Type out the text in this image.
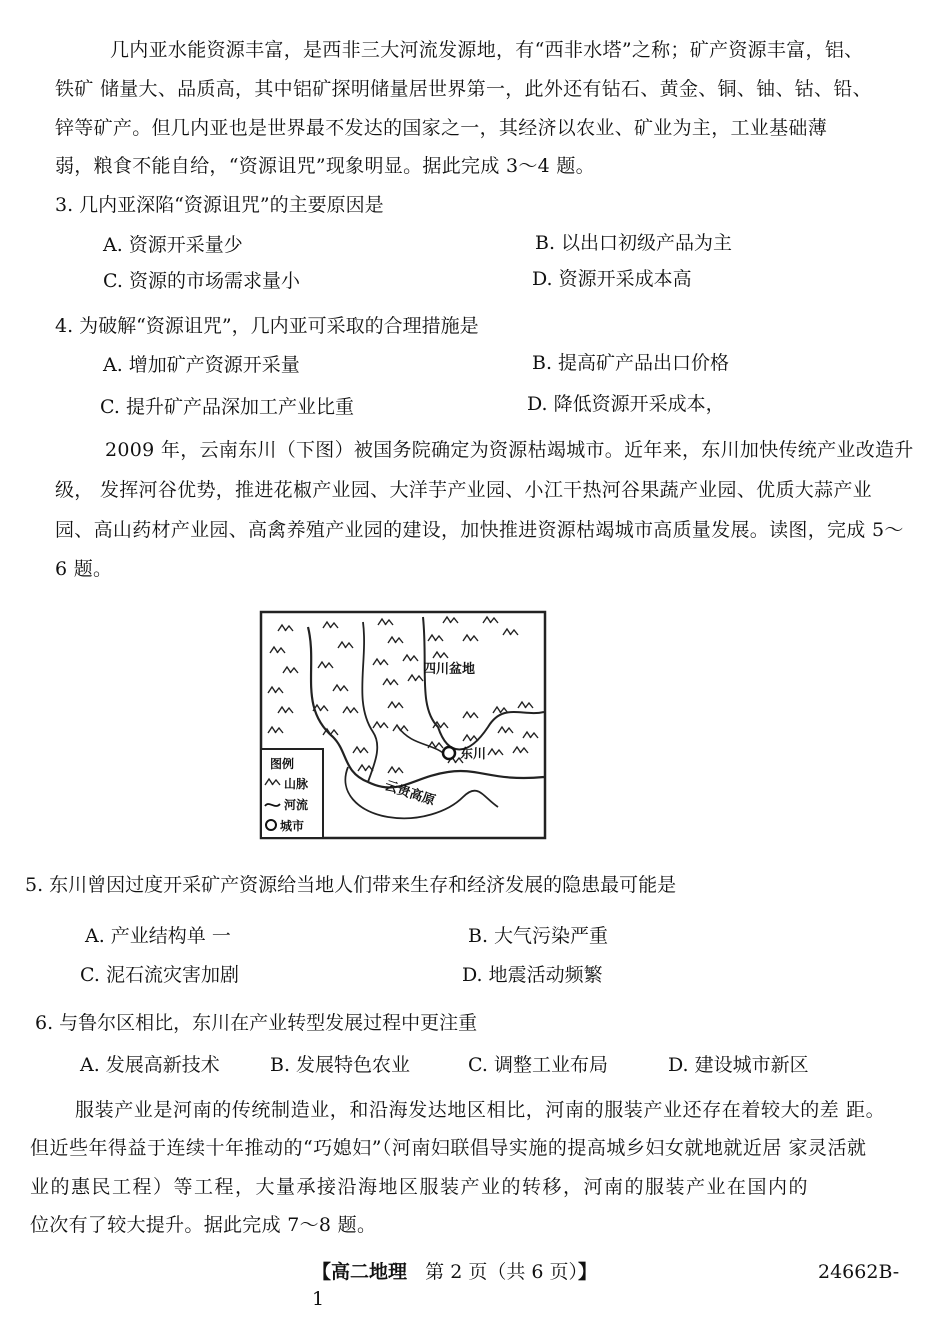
几内亚水能资源丰富，是西非三大河流发源地，有“西非水塔”之称；矿产资源丰富，铝、
铁矿 储量大、品质高，其中铝矿探明储量居世界第一，此外还有钻石、黄金、铜、铀、钴、铅、
锌等矿产。但几内亚也是世界最不发达的国家之一，其经济以农业、矿业为主，工业基础薄
弱，粮食不能自给，“资源诅咒”现象明显。据此完成 3～4 题。
3. 几内亚深陷“资源诅咒”的主要原因是
A. 资源开采量少	B. 以出口初级产品为主
C. 资源的市场需求量小	D. 资源开采成本高
4. 为破解“资源诅咒”，几内亚可采取的合理措施是
A. 增加矿产资源开采量	B. 提高矿产品出口价格
C. 提升矿产品深加工产业比重	D. 降低资源开采成本，
2009 年，云南东川（下图）被国务院确定为资源枯竭城市。近年来，东川加快传统产业改造升
级， 发挥河谷优势，推进花椒产业园、大洋芋产业园、小江干热河谷果蔬产业园、优质大蒜产业
园、高山药材产业园、高禽养殖产业园的建设，加快推进资源枯竭城市高质量发展。读图，完成 5～
6 题。
四川盆地
云贵高原
东川
图例
山脉
河流
城市
5. 东川曾因过度开采矿产资源给当地人们带来生存和经济发展的隐患最可能是
A. 产业结构单 一	B. 大气污染严重
C. 泥石流灾害加剧	D. 地震活动频繁
6. 与鲁尔区相比，东川在产业转型发展过程中更注重
A. 发展高新技术	B. 发展特色农业	C. 调整工业布局	D. 建设城市新区
服装产业是河南的传统制造业，和沿海发达地区相比，河南的服装产业还存在着较大的差 距。
但近些年得益于连续十年推动的“巧媳妇”（河南妇联倡导实施的提高城乡妇女就地就近居 家灵活就
业的惠民工程）等工程，大量承接沿海地区服装产业的转移，河南的服装产业在国内的
位次有了较大提升。据此完成 7～8 题。
【高二地理 第 2 页（共 6 页）】	24662B-
1
